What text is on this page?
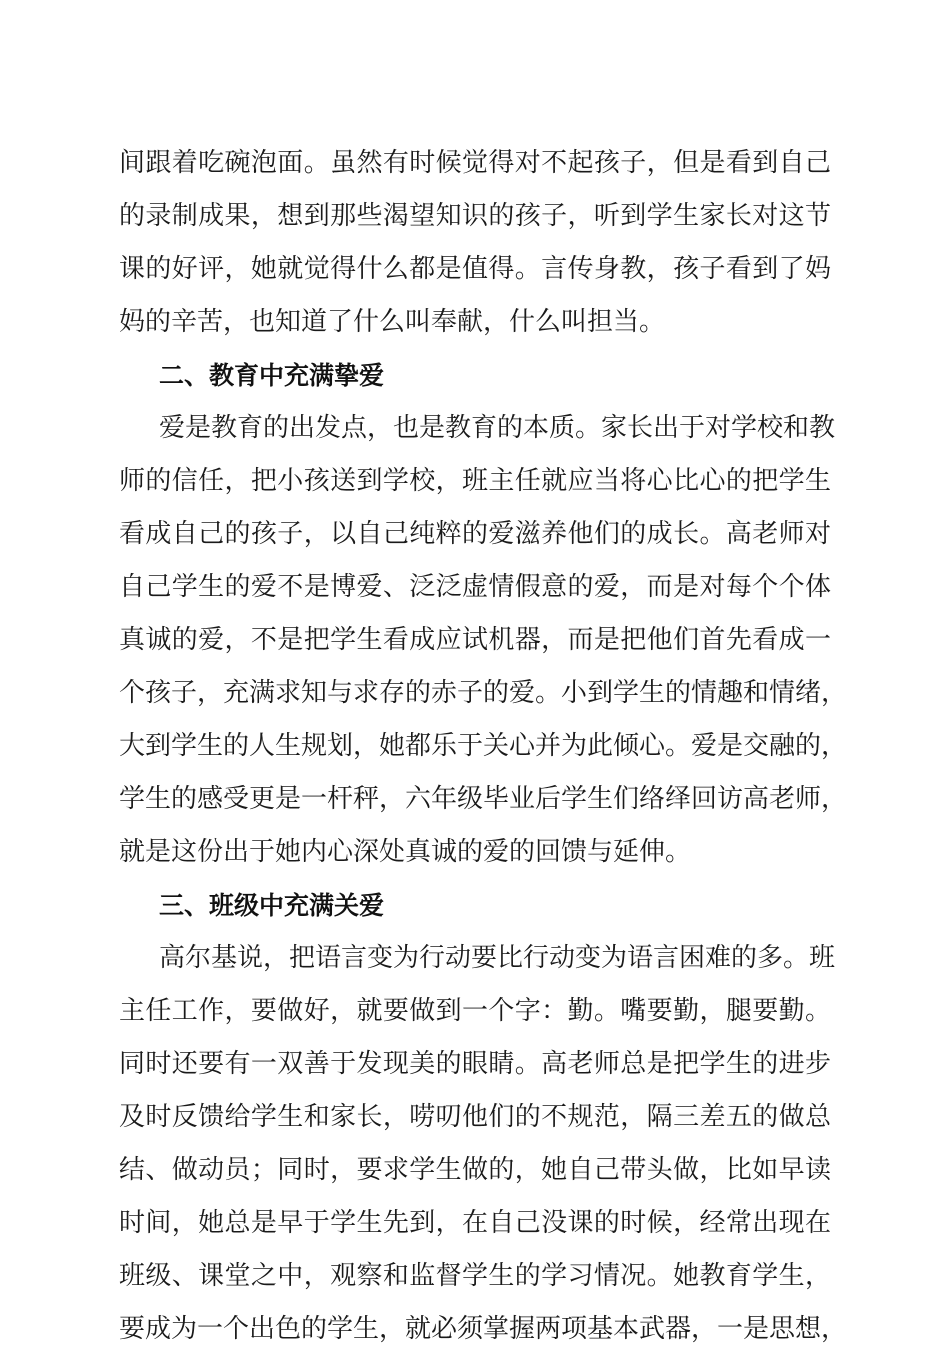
间跟着吃碗泡面。虽然有时候觉得对不起孩子，但是看到自己
的录制成果，想到那些渴望知识的孩子，听到学生家长对这节
课的好评，她就觉得什么都是值得。言传身教，孩子看到了妈
妈的辛苦，也知道了什么叫奉献，什么叫担当。
二、教育中充满挚爱
爱是教育的出发点，也是教育的本质。家长出于对学校和教
师的信任，把小孩送到学校，班主任就应当将心比心的把学生
看成自己的孩子，以自己纯粹的爱滋养他们的成长。高老师对
自己学生的爱不是博爱、泛泛虚情假意的爱，而是对每个个体
真诚的爱，不是把学生看成应试机器，而是把他们首先看成一
个孩子，充满求知与求存的赤子的爱。小到学生的情趣和情绪，
大到学生的人生规划，她都乐于关心并为此倾心。爱是交融的，
学生的感受更是一杆秤，六年级毕业后学生们络绎回访高老师，
就是这份出于她内心深处真诚的爱的回馈与延伸。
三、班级中充满关爱
高尔基说，把语言变为行动要比行动变为语言困难的多。班
主任工作，要做好，就要做到一个字：勤。嘴要勤，腿要勤。
同时还要有一双善于发现美的眼睛。高老师总是把学生的进步
及时反馈给学生和家长，唠叨他们的不规范，隔三差五的做总
结、做动员；同时，要求学生做的，她自己带头做，比如早读
时间，她总是早于学生先到，在自己没课的时候，经常出现在
班级、课堂之中，观察和监督学生的学习情况。她教育学生，
要成为一个出色的学生，就必须掌握两项基本武器，一是思想，
